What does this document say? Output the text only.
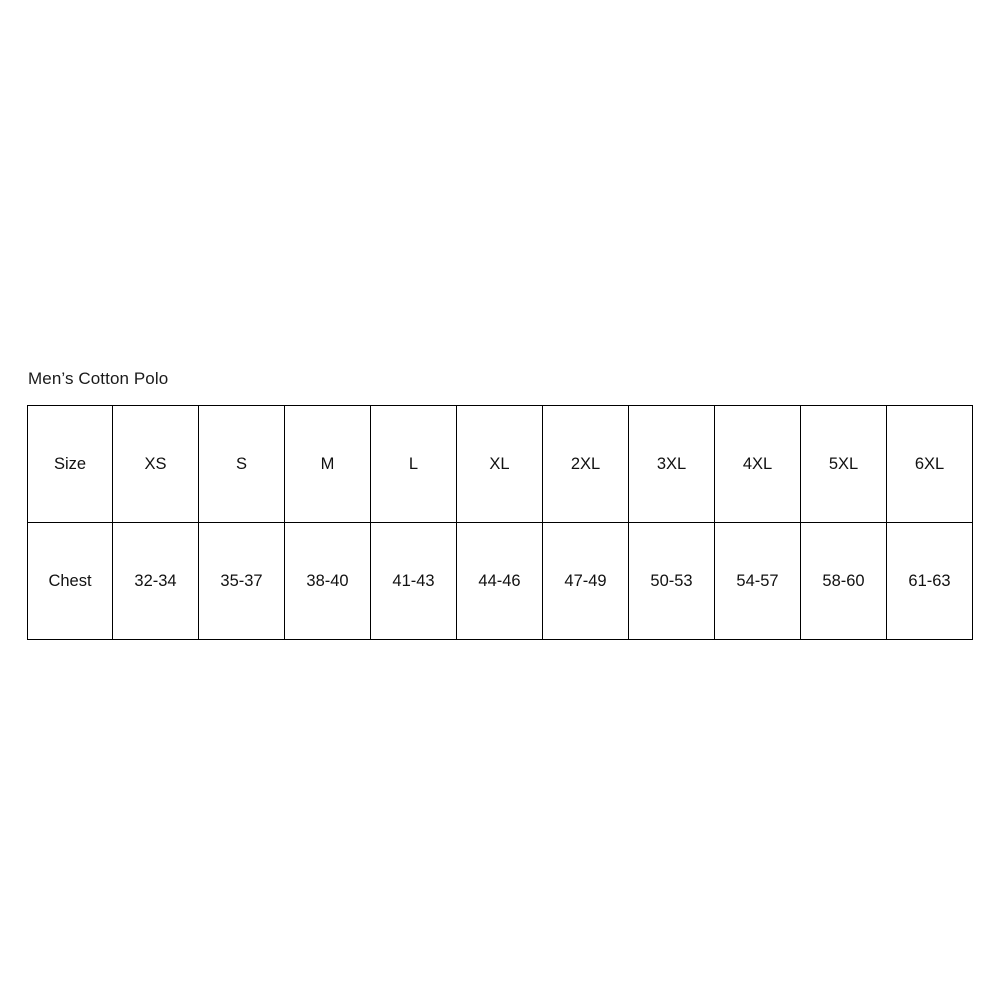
Men’s Cotton Polo
Size	XS	S	M	L	XL	2XL	3XL	4XL	5XL	6XL
Chest	32-34	35-37	38-40	41-43	44-46	47-49	50-53	54-57	58-60	61-63
